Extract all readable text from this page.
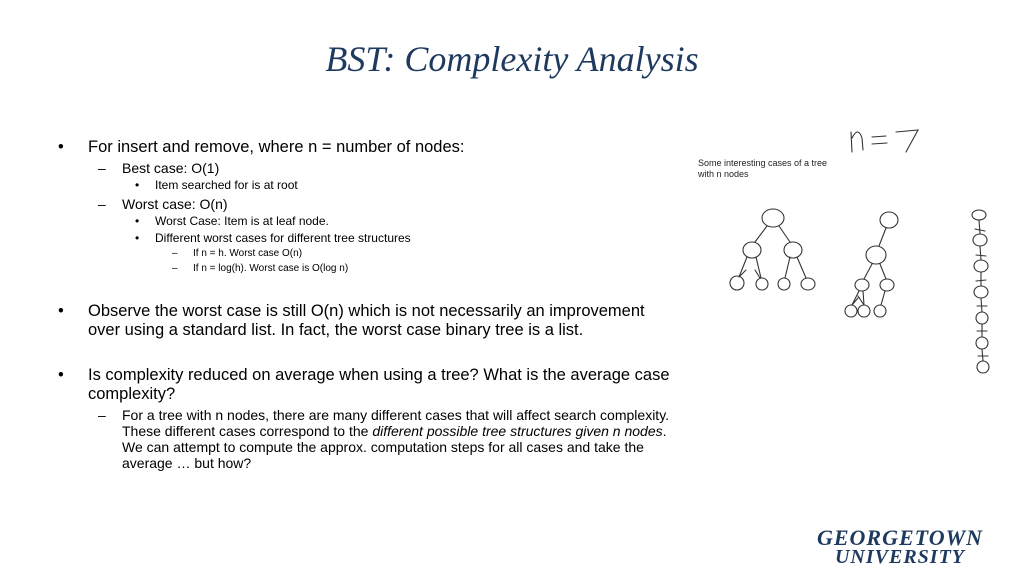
BST: Complexity Analysis
• For insert and remove, where n = number of nodes:
– Best case: O(1)
• Item searched for is at root
– Worst case: O(n)
• Worst Case: Item is at leaf node.
• Different worst cases for different tree structures
– If n = h. Worst case O(n)
– If n = log(h). Worst case is O(log n)
• Observe the worst case is still O(n) which is not necessarily an improvement over using a standard list. In fact, the worst case binary tree is a list.
• Is complexity reduced on average when using a tree? What is the average case complexity?
– For a tree with n nodes, there are many different cases that will affect search complexity. These different cases correspond to the different possible tree structures given n nodes. We can attempt to compute the approx. computation steps for all cases and take the average … but how?
Some interesting cases of a tree with n nodes
GEORGETOWN
UNIVERSITY
